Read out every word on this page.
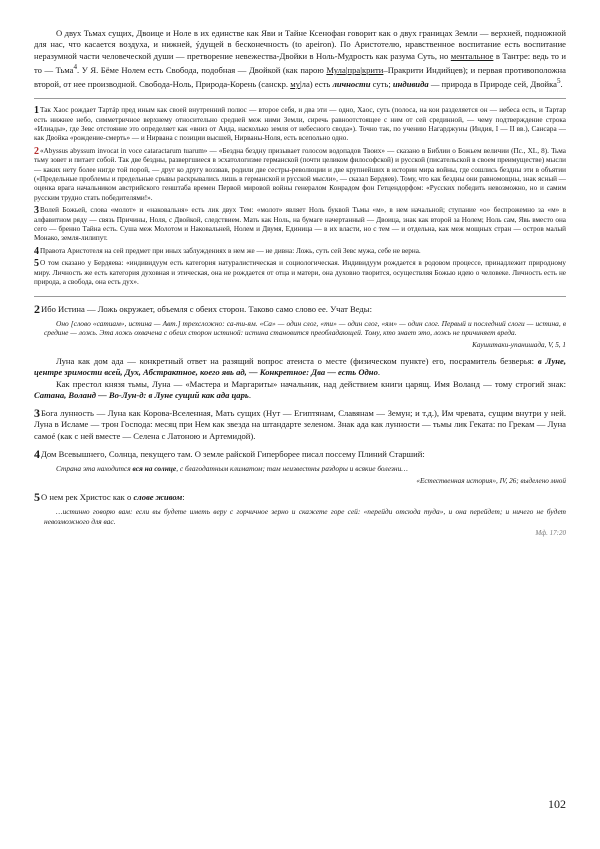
О двух Тьмах сущих, Двоице и Ноле в их единстве как Яви и Тайне Ксенофан говорит как о двух границах Земли — верхней, подножной для нас, что касается воздуха, и нижней, ýдущей в бесконечность (to apeiron). По Аристотелю, нравственное воспитание есть воспитание неразумной части человеческой души — претворение невежества-Двойки в Ноль-Мудрость как разума Суть, но ментальное в Тантре: ведь то и то — Тьма$^4$. У Я. Бёме Нолем есть Свобода, подобная — Двойкой (как парою Мула|пра|крити–Пракрити Индийцев); и первая противоположна второй, от нее производной. Свобода-Ноль, Природа-Корень (санскр. му|ла) есть личности суть; индивида — природа в Природе сей, Двойка$^5$.

1Так Хаос рождает Тартáр пред иным как своей внутренний полюс — второе себя, и два эти — одно, Хаос, суть (полоса, на кои разделяется он — небеса есть, и Тартар есть нижнее небо, симметричное верхнему относительно средней меж ними Земли, сиречь равноотстоящее с ним от сей срединной, — чему подтверждение строка «Илиады», где Зевс отстояние это определяет как «вниз от Аида, насколько земля от небесного свода»). Точно так, по учению Нагарджуны (Индия, I — II вв.), Сансара — как Двойка «рождение-смерть» — и Нирвана с позиции высшей, Нирваны-Ноля, есть всепольно одно.

2«Abyssus abyssum invocat in voce cataractarum tuarum» — «Бездна бездну призывает голосом водопадов Твоих» — сказано в Библии о Божьем величии (Пс., XL, 8). Тьма тьму зовет и питает собой. Так две бездны, развергшиеся в эсхатологизме германской (почти целиком философской) и русской (писательской в своем преимуществе) мысли — каких нету более нигде той порой, — друг ко другу воззвав, родили две сестры-революции и две крупнейших в истории мира войны, где сошлись бездны эти в объятии («Предельные проблемы и предельные срывы раскрывались лишь в германской и русской мысли», — сказал Бердяев). Тому, что как бездны они равномощны, знак ясный — оценка врага начальником австрийского генштаба времен Первой мировой войны генералом Конрадом фон Гетцендорфом: «Русских победить невозможно, но и самим русским трудно стать победителями!».

3Волей Божьей, слова «молот» и «наковальня» есть лик двух Тем: «молот» являет Ноль буквой Тьмы «м», в нем начальной; ступание «о» беспрожемно за «м» в алфавитном ряду — связь Причины, Ноля, с Двойкой, следствием. Мать как Ноль, на бумаге начертанный — Двоица, знак как второй за Нолем; Ноль сам, Явь вместо она сего — бренно Тайна есть. Суша меж Молотом и Наковальней, Нолем и Двумя, Единица — в их власти, но с тем — и отдельна, как меж мощных стран — остров малый Монако, земля-лилипут.

4Правота Аристотеля на сей предмет при иных заблуждениях в нем же — не дивна: Ложь, суть сей Зевс мужа, себе не верна.

5О том сказано у Бердяева: «индивидуум есть категория натуралистическая и социологическая. Индивидуум рождается в родовом процессе, принадлежит природному миру. Личность же есть категория духовная и этическая, она не рождается от отца и матери, она духовно творится, осуществляя Божью идею о человеке. Личность есть не природа, а свобода, она есть дух».

2Ибо Истина — Ложь окружает, объемля с обеих сторон. Таково само слово ее. Учат Веды:

Оно [слово «сатиам», истина — Авт.] трехсложно: са-ти-ям. «Са» — один слог, «ти» — один слог, «ям» — один слог. Первый и последний слоги — истина, в средине — ложь. Эта ложь охвачена с обеих сторон истиной: истина становится преобладающей. Тому, кто знает это, ложь не причиняет вреда.

Каушитаки-упанишада, V, 5, 1

Луна как дом ада — конкретный ответ на разящий вопрос атеиста о месте (физическом пункте) его, посрамитель безверья: в Луне, центре зримости всей, Дух, Абстрактное, коего явь ад, — Конкретное: Два — есть Одно.

Как престол князя тьмы, Луна — «Мастера и Маргариты» начальник, над действием книги царящ. Имя Воланд — тому строгий знак: Сатана, Воланд — Во-Лун-д: в Луне сущий как ада царь.

3Бога лунность — Луна как Корова-Вселенная, Мать сущих (Нут — Египтянам, Славянам — Земун; и т.д.), Им чревата, сущим внутри у ней. Луна в Исламе — трон Господа: месяц при Нем как звезда на штандарте зеленом. Знак ада как лунности — тьмы лик Геката: по Грекам — Луна самоé (как с ней вместе — Селена с Латоною и Артемидой).

4Дом Всевышнего, Солнца, пекущего там. О земле райской Гиперборее писал поссему Плиний Старший:

Страна эта находится вся на солнце, с благодатным климатом; там неизвестны раздоры и всякие болезни…

«Естественная история», IV, 26; выделено мной

5О нем рек Христос как о слове живом:

…истинно говорю вам: если вы будете иметь веру с горчичное зерно и скажете горе сей: «перейди отсюда туда», и она перейдет; и ничего не будет невозможного для вас.

Мф. 17:20

102
